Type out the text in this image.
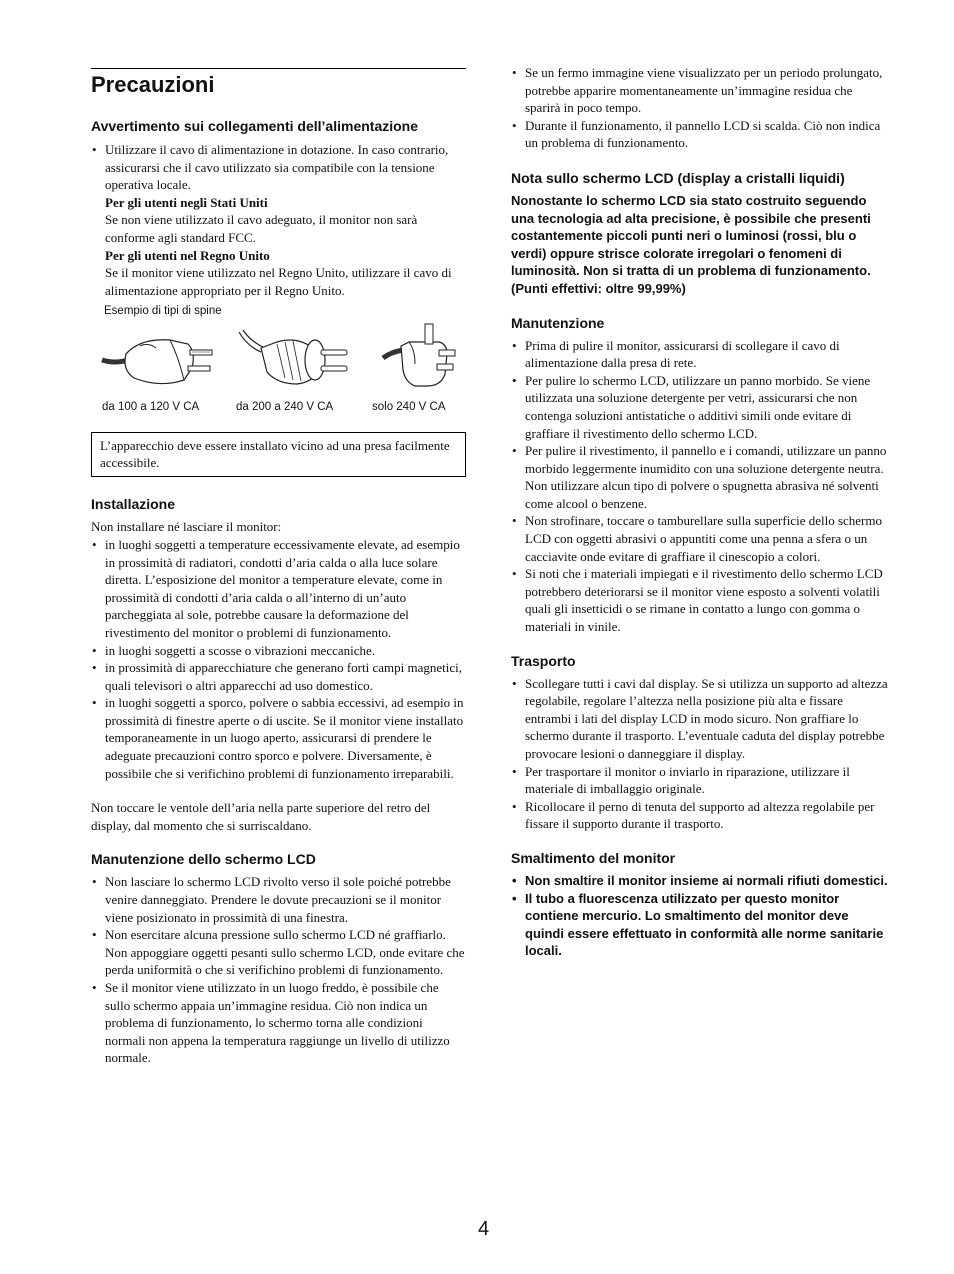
Precauzioni
Avvertimento sui collegamenti dell’alimentazione
• Utilizzare il cavo di alimentazione in dotazione. In caso contrario, assicurarsi che il cavo utilizzato sia compatibile con la tensione operativa locale.
Per gli utenti negli Stati Uniti
Se non viene utilizzato il cavo adeguato, il monitor non sarà conforme agli standard FCC.
Per gli utenti nel Regno Unito
Se il monitor viene utilizzato nel Regno Unito, utilizzare il cavo di alimentazione appropriato per il Regno Unito.
Esempio di tipi di spine
da 100 a 120 V CA	da 200 a 240 V CA	solo 240 V CA
L’apparecchio deve essere installato vicino ad una presa facilmente accessibile.
Installazione

Non installare né lasciare il monitor:

• in luoghi soggetti a temperature eccessivamente elevate, ad esempio in prossimità di radiatori, condotti d’aria calda o alla luce solare diretta. L’esposizione del monitor a temperature elevate, come in prossimità di condotti d’aria calda o all’interno di un’auto parcheggiata al sole, potrebbe causare la deformazione del rivestimento del monitor o problemi di funzionamento.
• in luoghi soggetti a scosse o vibrazioni meccaniche.
• in prossimità di apparecchiature che generano forti campi magnetici, quali televisori o altri apparecchi ad uso domestico.
• in luoghi soggetti a sporco, polvere o sabbia eccessivi, ad esempio in prossimità di finestre aperte o di uscite. Se il monitor viene installato temporaneamente in un luogo aperto, assicurarsi di prendere le adeguate precauzioni contro sporco e polvere. Diversamente, è possibile che si verifichino problemi di funzionamento irreparabili.

Non toccare le ventole dell’aria nella parte superiore del retro del display, dal momento che si surriscaldano.

Manutenzione dello schermo LCD
• Non lasciare lo schermo LCD rivolto verso il sole poiché potrebbe venire danneggiato. Prendere le dovute precauzioni se il monitor viene posizionato in prossimità di una finestra.
• Non esercitare alcuna pressione sullo schermo LCD né graffiarlo. Non appoggiare oggetti pesanti sullo schermo LCD, onde evitare che perda uniformità o che si verifichino problemi di funzionamento.
• Se il monitor viene utilizzato in un luogo freddo, è possibile che sullo schermo appaia un’immagine residua. Ciò non indica un problema di funzionamento, lo schermo torna alle condizioni normali non appena la temperatura raggiunge un livello di utilizzo normale.
• Se un fermo immagine viene visualizzato per un periodo prolungato, potrebbe apparire momentaneamente un’immagine residua che sparirà in poco tempo.
• Durante il funzionamento, il pannello LCD si scalda. Ciò non indica un problema di funzionamento.
Nota sullo schermo LCD (display a cristalli liquidi)

Nonostante lo schermo LCD sia stato costruito seguendo una tecnologia ad alta precisione, è possibile che presenti costantemente piccoli punti neri o luminosi (rossi, blu o verdi) oppure strisce colorate irregolari o fenomeni di luminosità. Non si tratta di un problema di funzionamento.

(Punti effettivi: oltre 99,99%)

Manutenzione
• Prima di pulire il monitor, assicurarsi di scollegare il cavo di alimentazione dalla presa di rete.
• Per pulire lo schermo LCD, utilizzare un panno morbido. Se viene utilizzata una soluzione detergente per vetri, assicurarsi che non contenga soluzioni antistatiche o additivi simili onde evitare di graffiare il rivestimento dello schermo LCD.
• Per pulire il rivestimento, il pannello e i comandi, utilizzare un panno morbido leggermente inumidito con una soluzione detergente neutra. Non utilizzare alcun tipo di polvere o spugnetta abrasiva né solventi come alcool o benzene.
• Non strofinare, toccare o tamburellare sulla superficie dello schermo LCD con oggetti abrasivi o appuntiti come una penna a sfera o un cacciavite onde evitare di graffiare il cinescopio a colori.
• Si noti che i materiali impiegati e il rivestimento dello schermo LCD potrebbero deteriorarsi se il monitor viene esposto a solventi volatili quali gli insetticidi o se rimane in contatto a lungo con gomma o materiali in vinile.
Trasporto
• Scollegare tutti i cavi dal display. Se si utilizza un supporto ad altezza regolabile, regolare l’altezza nella posizione più alta e fissare entrambi i lati del display LCD in modo sicuro. Non graffiare lo schermo durante il trasporto. L’eventuale caduta del display potrebbe provocare lesioni o danneggiare il display.
• Per trasportare il monitor o inviarlo in riparazione, utilizzare il materiale di imballaggio originale.
• Ricollocare il perno di tenuta del supporto ad altezza regolabile per fissare il supporto durante il trasporto.
Smaltimento del monitor
• Non smaltire il monitor insieme ai normali rifiuti domestici.
• Il tubo a fluorescenza utilizzato per questo monitor contiene mercurio. Lo smaltimento del monitor deve quindi essere effettuato in conformità alle norme sanitarie locali.
4
